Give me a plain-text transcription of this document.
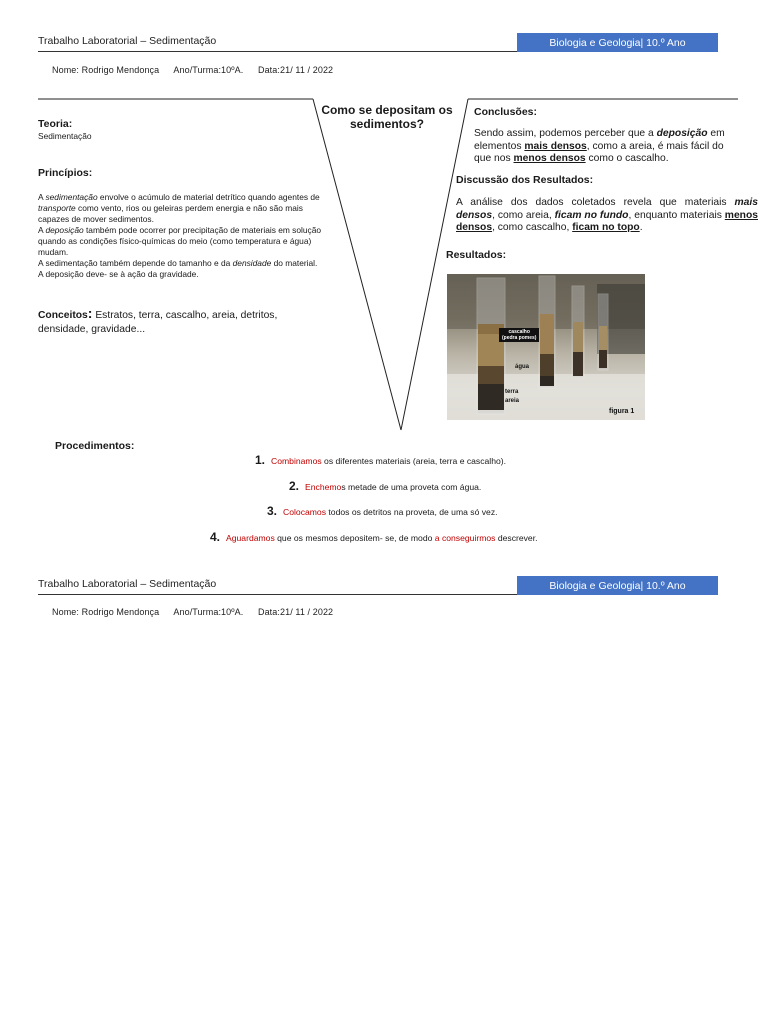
Trabalho Laboratorial – Sedimentação	Biologia e Geologia| 10.º Ano
Nome: Rodrigo Mendonça Ano/Turma:10ºA. Data:21/ 11 / 2022
Como se depositam os sedimentos?
Teoria:
Sedimentação
Princípios:
A sedimentação envolve o acúmulo de material detrítico quando agentes de transporte como vento, rios ou geleiras perdem energia e não são mais capazes de mover sedimentos.
A deposição também pode ocorrer por precipitação de materiais em solução quando as condições físico-químicas do meio (como temperatura e água) mudam.
A sedimentação também depende do tamanho e da densidade do material.
A deposição deve- se à ação da gravidade.
Conceitos: Estratos, terra, cascalho, areia, detritos, densidade, gravidade...
Conclusões:
Sendo assim, podemos perceber que a deposição em elementos mais densos, como a areia, é mais fácil do que nos menos densos como o cascalho.
Discussão dos Resultados:
A análise dos dados coletados revela que materiais mais densos, como areia, ficam no fundo, enquanto materiais menos densos, como cascalho, ficam no topo.
Resultados:
cascalho
(pedra pomes)
água
terra
areia
figura 1
Procedimentos:
1. Combinamos os diferentes materiais (areia, terra e cascalho).
2. Enchemos metade de uma proveta com água.
3. Colocamos todos os detritos na proveta, de uma só vez.
4. Aguardamos que os mesmos depositem- se, de modo a conseguirmos descrever.
Trabalho Laboratorial – Sedimentação	Biologia e Geologia| 10.º Ano
Nome: Rodrigo Mendonça Ano/Turma:10ºA. Data:21/ 11 / 2022
